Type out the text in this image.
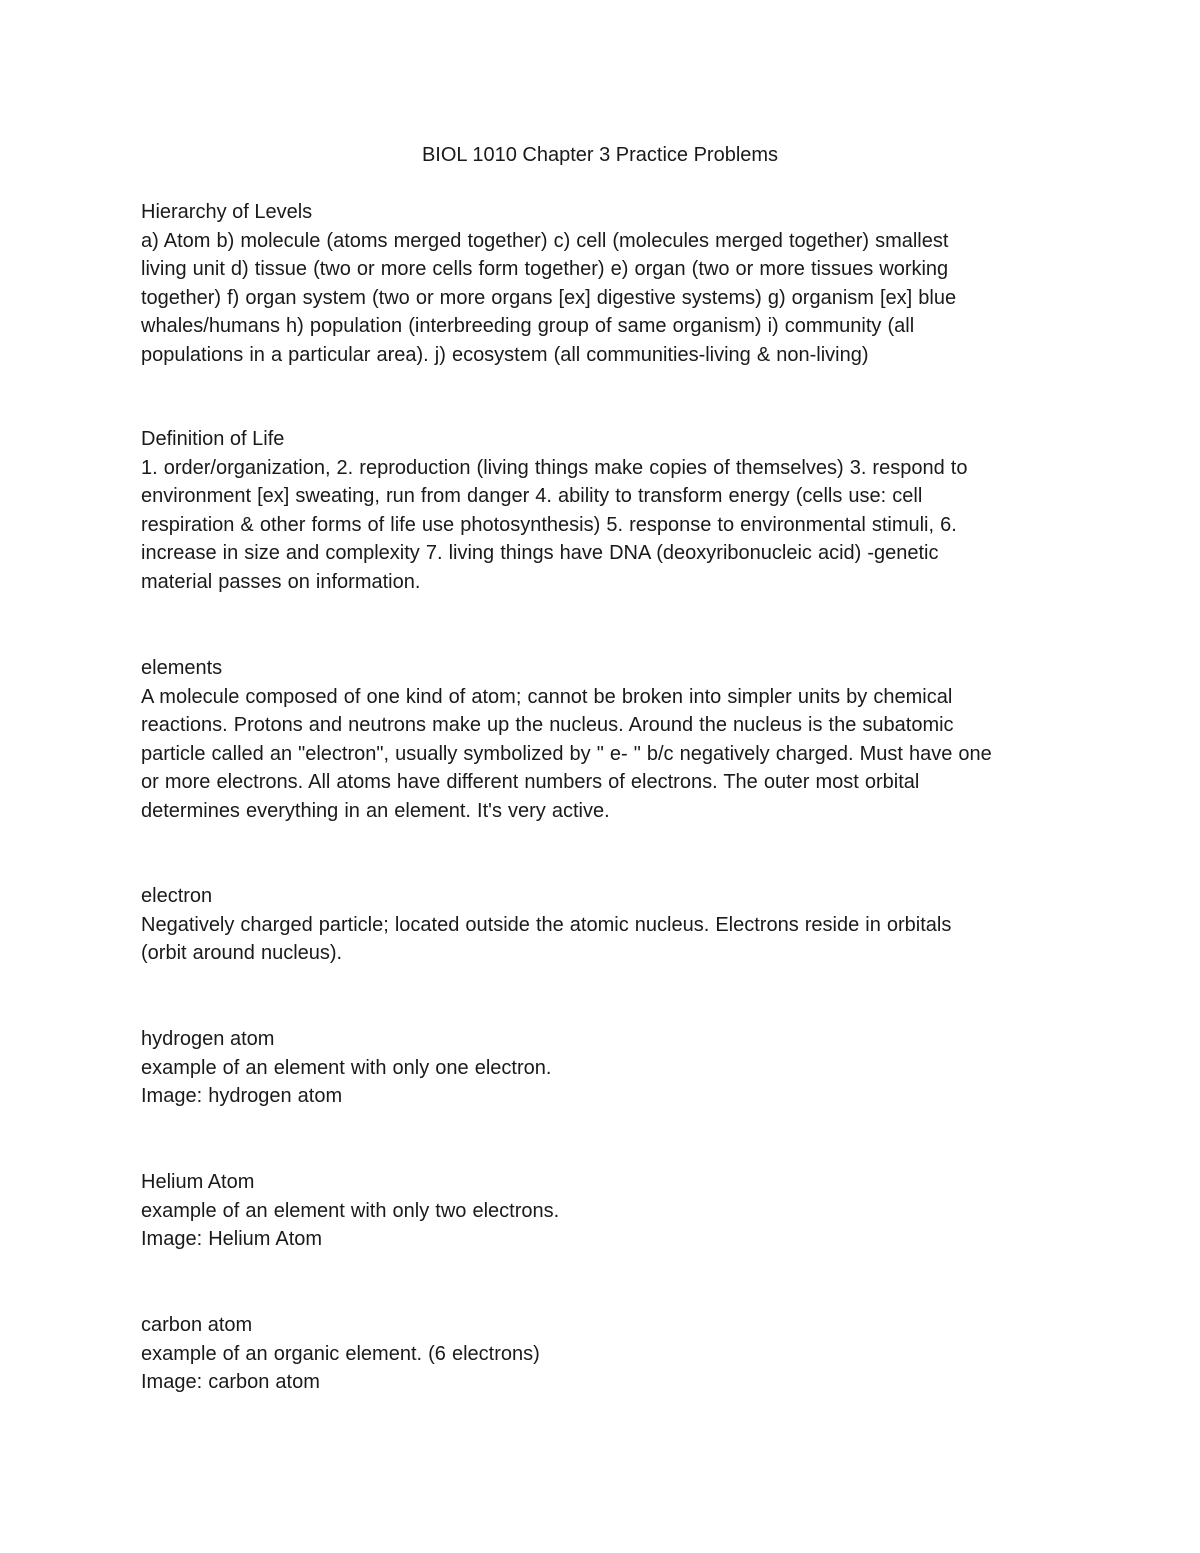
BIOL 1010 Chapter 3 Practice Problems

Hierarchy of Levels

a) Atom b) molecule (atoms merged together) c) cell (molecules merged together) smallest

living unit d) tissue (two or more cells form together) e) organ (two or more tissues working

together) f) organ system (two or more organs [ex] digestive systems) g) organism [ex] blue

whales/humans h) population (interbreeding group of same organism) i) community (all

populations in a particular area). j) ecosystem (all communities-living & non-living)

Definition of Life

1. order/organization, 2. reproduction (living things make copies of themselves) 3. respond to

environment [ex] sweating, run from danger 4. ability to transform energy (cells use: cell

respiration & other forms of life use photosynthesis) 5. response to environmental stimuli, 6.

increase in size and complexity 7. living things have DNA (deoxyribonucleic acid) -genetic

material passes on information.

elements

A molecule composed of one kind of atom; cannot be broken into simpler units by chemical

reactions. Protons and neutrons make up the nucleus. Around the nucleus is the subatomic

particle called an "electron", usually symbolized by " e- " b/c negatively charged. Must have one

or more electrons. All atoms have different numbers of electrons. The outer most orbital

determines everything in an element. It's very active.

electron

Negatively charged particle; located outside the atomic nucleus. Electrons reside in orbitals

(orbit around nucleus).

hydrogen atom

example of an element with only one electron.

Image: hydrogen atom

Helium Atom

example of an element with only two electrons.

Image: Helium Atom

carbon atom

example of an organic element. (6 electrons)

Image: carbon atom
